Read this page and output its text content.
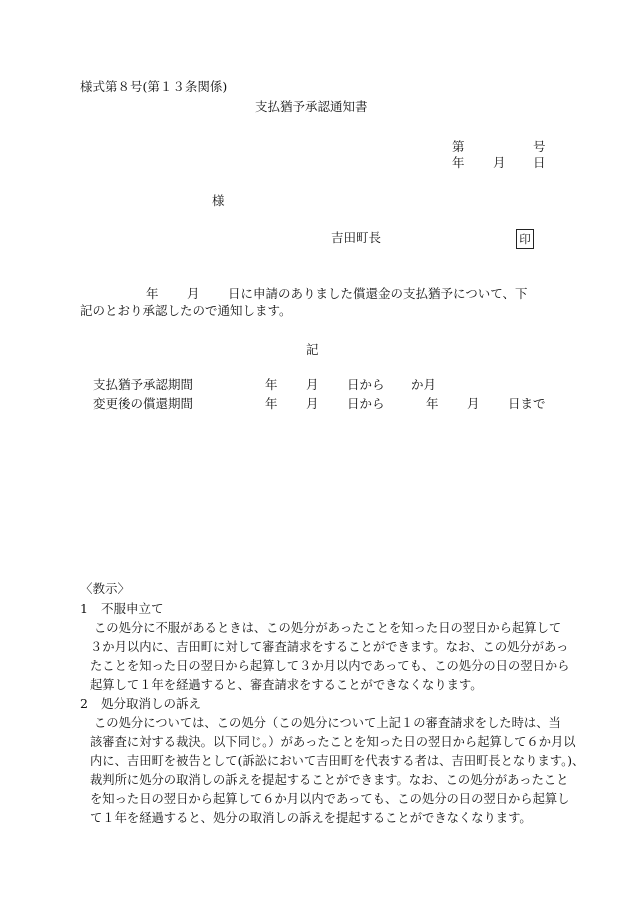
様式第８号(第１３条関係)
支払猶予承認通知書
第	号
年 月 日
様
吉田町長	印
年 月 日に申請のありました償還金の支払猶予について、下
記のとおり承認したので通知します。
記
支払猶予承認期間	年 月 日から か月
変更後の償還期間	年 月 日から	年 月 日まで
〈教示〉
1 不服申立て
この処分に不服があるときは、この処分があったことを知った日の翌日から起算して
３か月以内に、吉田町に対して審査請求をすることができます。なお、この処分があっ
たことを知った日の翌日から起算して３か月以内であっても、この処分の日の翌日から
起算して１年を経過すると、審査請求をすることができなくなります。
2 処分取消しの訴え
この処分については、この処分（この処分について上記１の審査請求をした時は、当
該審査に対する裁決。以下同じ。）があったことを知った日の翌日から起算して６か月以
内に、吉田町を被告として(訴訟において吉田町を代表する者は、吉田町長となります。)、
裁判所に処分の取消しの訴えを提起することができます。なお、この処分があったこと
を知った日の翌日から起算して６か月以内であっても、この処分の日の翌日から起算し
て１年を経過すると、処分の取消しの訴えを提起することができなくなります。
